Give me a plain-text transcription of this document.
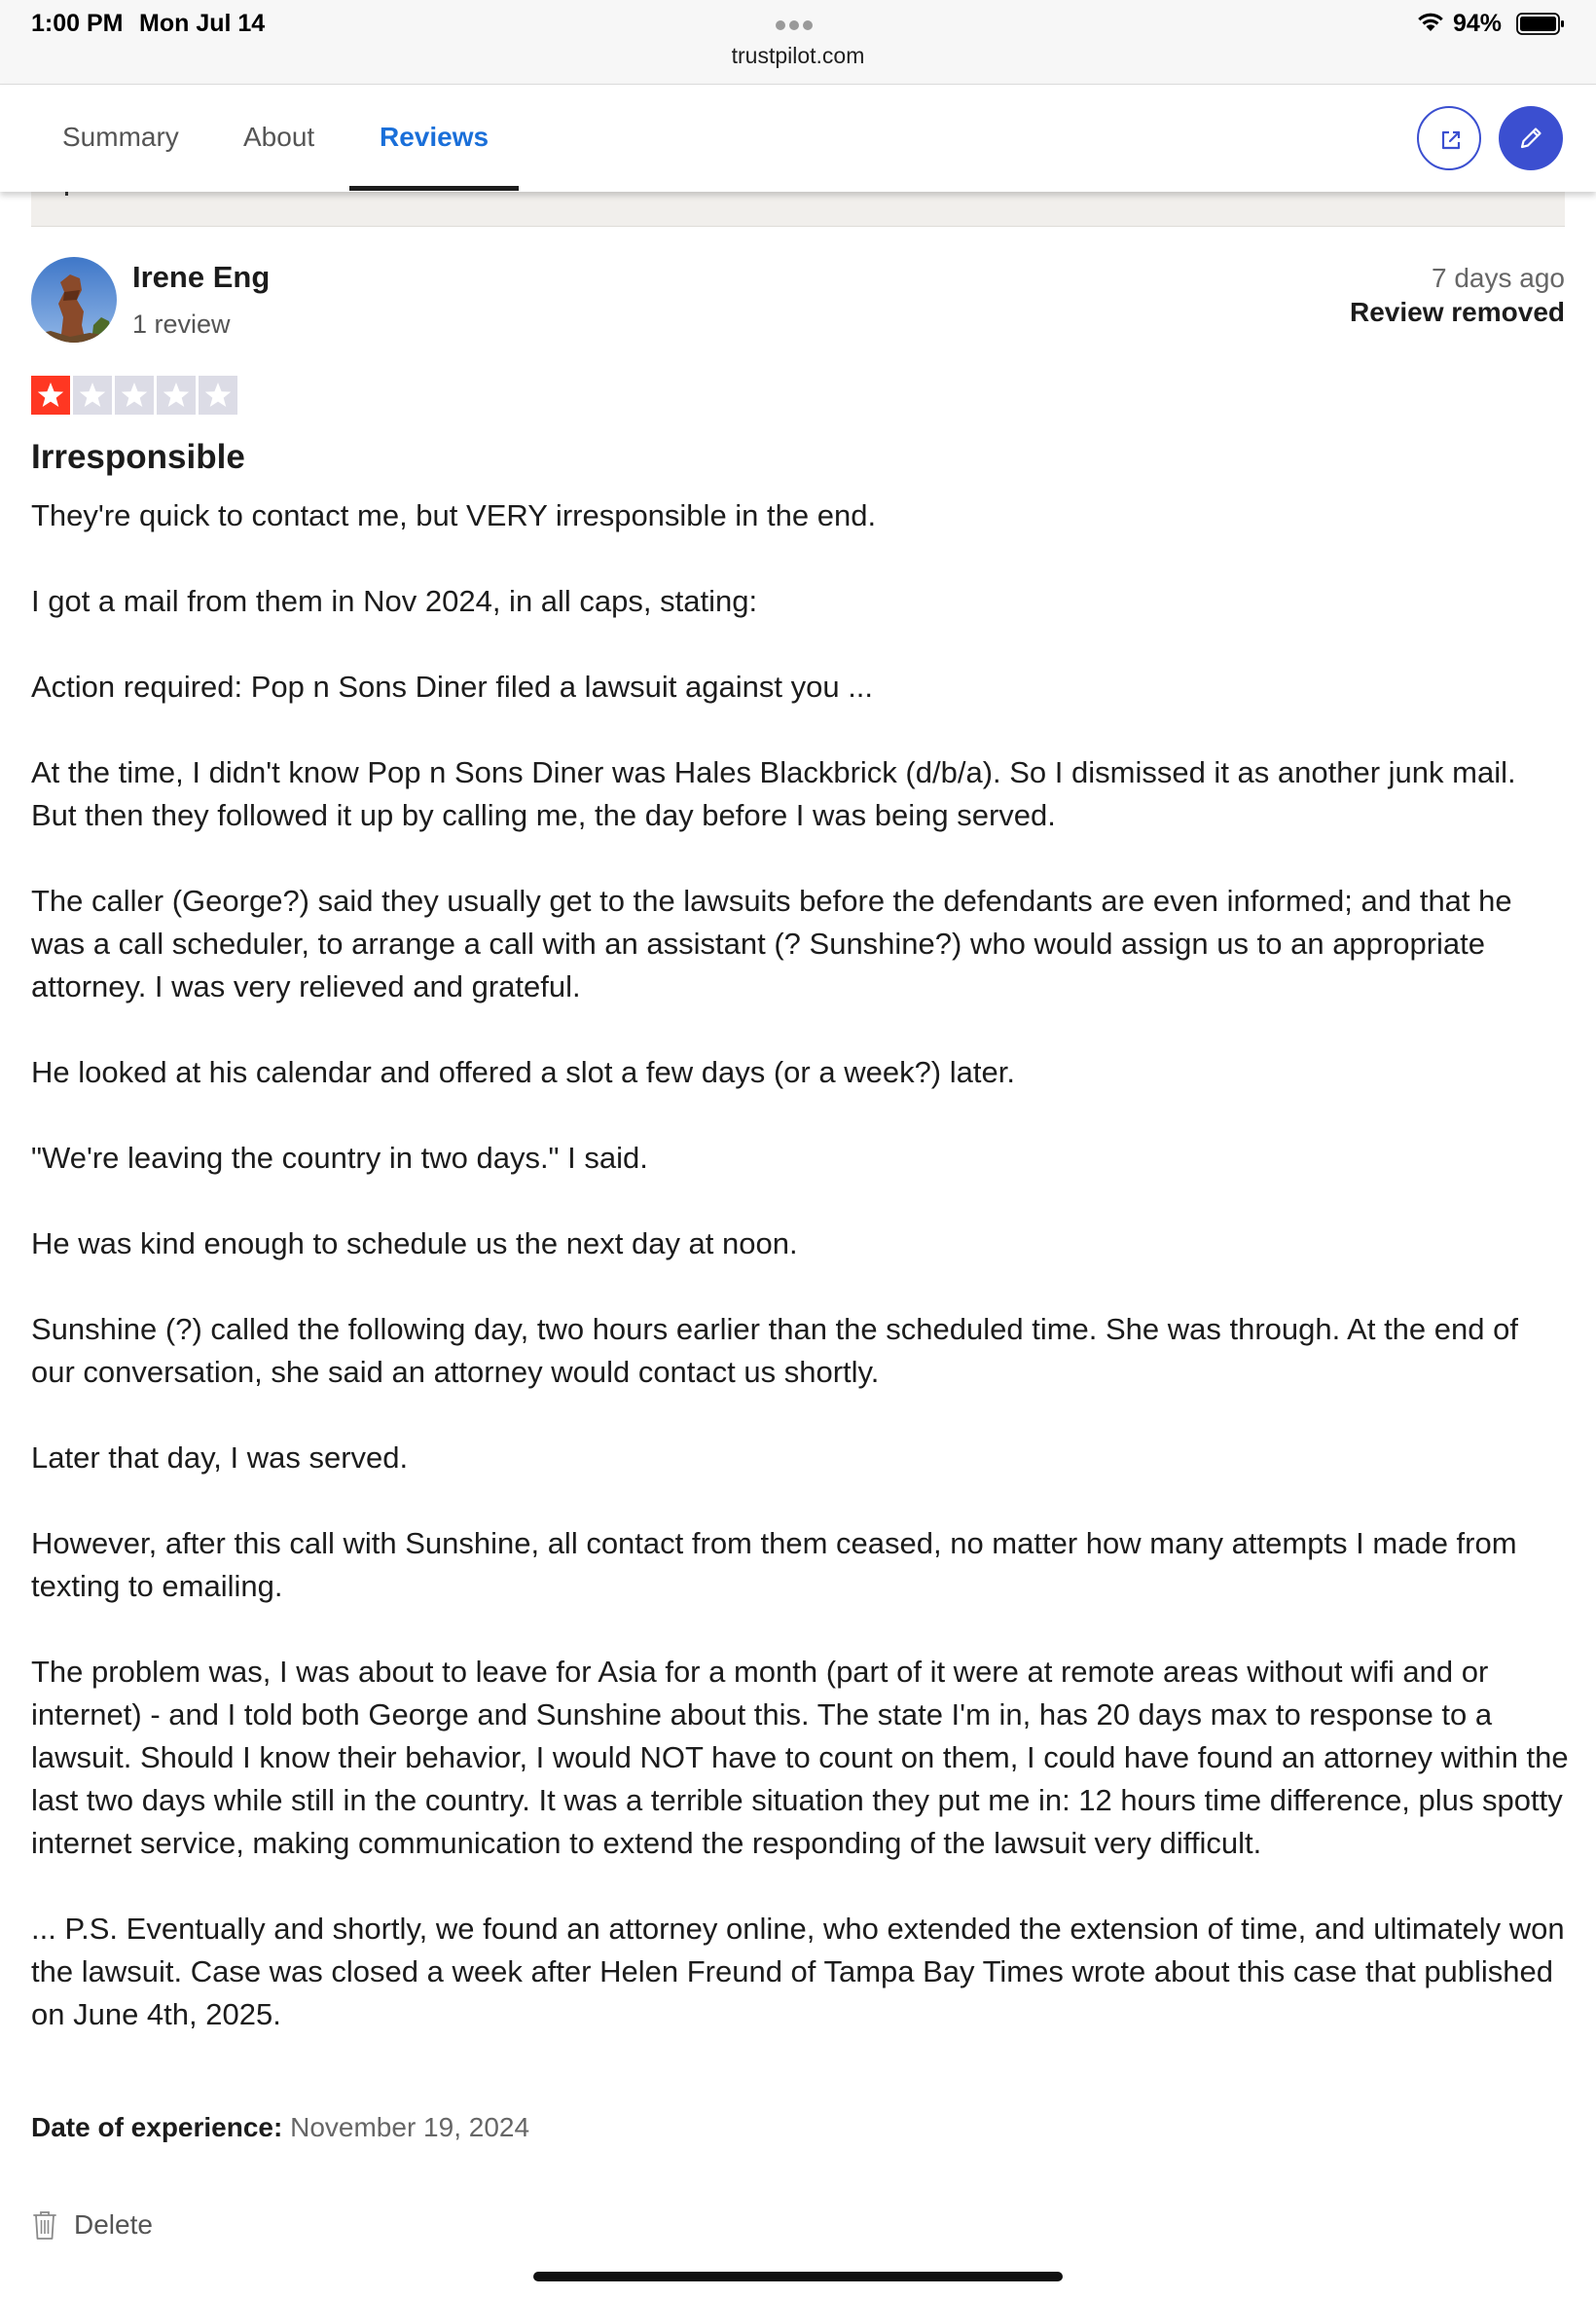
1:00 PM Mon Jul 14
trustpilot.com
94%
Summary About Reviews
Irene Eng
1 review
7 days ago
Review removed
Irresponsible

They're quick to contact me, but VERY irresponsible in the end.

I got a mail from them in Nov 2024, in all caps, stating:

Action required: Pop n Sons Diner filed a lawsuit against you ...

At the time, I didn't know Pop n Sons Diner was Hales Blackbrick (d/b/a). So I dismissed it as another junk mail. But then they followed it up by calling me, the day before I was being served.

The caller (George?) said they usually get to the lawsuits before the defendants are even informed; and that he was a call scheduler, to arrange a call with an assistant (? Sunshine?) who would assign us to an appropriate attorney. I was very relieved and grateful.

He looked at his calendar and offered a slot a few days (or a week?) later.

"We're leaving the country in two days." I said.

He was kind enough to schedule us the next day at noon.

Sunshine (?) called the following day, two hours earlier than the scheduled time. She was through. At the end of our conversation, she said an attorney would contact us shortly.

Later that day, I was served.

However, after this call with Sunshine, all contact from them ceased, no matter how many attempts I made from texting to emailing.

The problem was, I was about to leave for Asia for a month (part of it were at remote areas without wifi and or internet) - and I told both George and Sunshine about this. The state I'm in, has 20 days max to response to a lawsuit. Should I know their behavior, I would NOT have to count on them, I could have found an attorney within the last two days while still in the country. It was a terrible situation they put me in: 12 hours time difference, plus spotty internet service, making communication to extend the responding of the lawsuit very difficult.

... P.S. Eventually and shortly, we found an attorney online, who extended the extension of time, and ultimately won the lawsuit. Case was closed a week after Helen Freund of Tampa Bay Times wrote about this case that published on June 4th, 2025.

Date of experience: November 19, 2024
Delete
